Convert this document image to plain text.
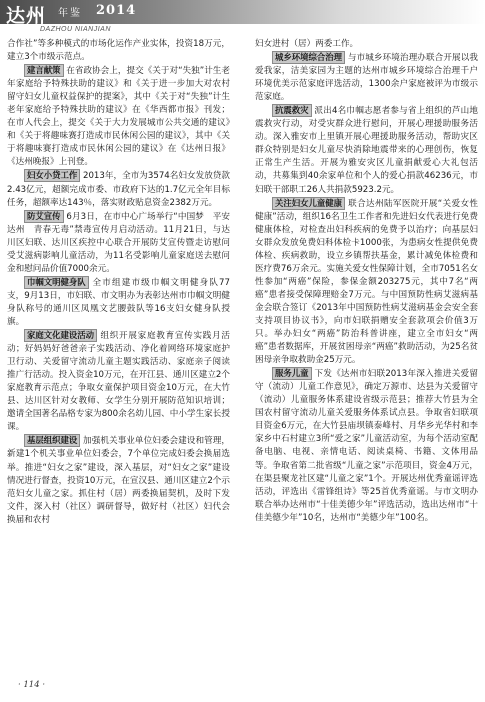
达州 年鉴 2014
DAZHOU NIANJIAN

合作社”等多种模式的市场化运作产业实体，投资18万元，建立3个市级示范点。

建言献策 在省政协会上，提交《关于对“失独”计生老年家庭给予特殊扶助的建议》和《关于进一步加大对农村留守妇女儿童权益保护的提案》，其中《关于对“失独”计生老年家庭给予特殊扶助的建议》在《华西都市报》刊发；在市人代会上，提交《关于大力发展城市公共交通的建议》和《关于将趣味赛打造成市民休闲公园的建议》，其中《关于将趣味赛打造成市民休闲公园的建议》在《达州日报》《达州晚报》上刊登。

妇女小贷工作 2013年，全市为3574名妇女发放贷款2.43亿元，超额完成市委、市政府下达的1.7亿元全年目标任务，超额率达143％，落实财政贴息资金2382万元。

防艾宣传 6月3日，在市中心广场举行“中国梦　平安达州　青春无毒”禁毒宣传月启动活动。11月21日，与达川区妇联、达川区疾控中心联合开展防艾宣传暨走访慰问受艾滋病影响儿童活动，为11名受影响儿童家庭送去慰问金和慰问品价值7000余元。

巾帼文明健身队 全市组建市级巾帼文明健身队77支，9月13日，市妇联、市文明办为表彰达州市巾帼文明健身队称号的通川区凤凰文艺腰鼓队等16支妇女健身队授旗。

家庭文化建设活动 组织开展家庭教育宣传实践月活动；好妈妈好爸爸亲子实践活动、净化着网络环境家庭护卫行动、关爱留守流动儿童主题实践活动、家庭亲子阅读推广行活动。投入资金10万元，在开江县、通川区建立2个家庭教育示范点；争取女童保护项目资金10万元，在大竹县、达川区针对女教师、女学生分别开展防范知识培训；邀请全国著名品格专家为800余名幼儿园、中小学生家长授课。

基层组织建设 加强机关事业单位妇委会建设和管理，新建1个机关事业单位妇委会，7个单位完成妇委会换届选举。推进“妇女之家”建设，深入基层，对“妇女之家”建设情况进行督查，投资10万元，在宣汉县、通川区建立2个示范妇女儿童之家。抓住村（居）两委换届契机，及时下发文件，深入村（社区）调研督导，做好村（社区）妇代会换届和农村

妇女进村（居）两委工作。

城乡环境综合治理 与市城乡环境治理办联合开展以我爱我家，洁美家园为主题的达州市城乡环境综合治理千户环境优美示范家庭评选活动，1300余户家庭被评为市级示范家庭。

抗震救灾 派出4名巾帼志愿者参与省上组织的芦山地震救灾行动，对受灾群众进行慰问，开展心理援助服务活动。深入雅安市上里镇开展心理援助服务活动，帮助灾区群众特别是妇女儿童尽快消除地震带来的心理创伤，恢复正常生产生活。开展为雅安灾区儿童捐献爱心大礼包活动，共募集到40余家单位和个人的爱心捐款46236元，市妇联干部职工26人共捐款5923.2元。

关注妇女儿童健康 联合达州陆军医院开展“关爱女性健康”活动，组织16名卫生工作者和先进妇女代表进行免费健康体检，对检查出妇科疾病的免费予以治疗；向基层妇女群众发放免费妇科体检卡1000张，为患病女性提供免费体检、疾病救助，设立乡镇帮扶基金，累计减免体检费和医疗费76万余元。实施关爱女性保障计划，全市7051名女性参加“两癌”保险，参保金额203275元，其中7名“两癌”患者接受保障理赔金7万元。与中国预防性病艾滋病基金会联合签订《2013年中国预防性病艾滋病基金会安全套支持项目协议书》，向市妇联捐赠安全套款项会价值3万只。举办妇女“两癌”防治科普讲座，建立全市妇女“两癌”患者数据库，开展贫困母亲“两癌”救助活动，为25名贫困母亲争取救助金25万元。

服务儿童 下发《达州市妇联2013年深入推进关爱留守（流动）儿童工作意见》，确定万源市、达县为关爱留守（流动）儿童服务体系建设省级示范县；推荐大竹县为全国农村留守流动儿童关爱服务体系试点县。争取省妇联项目资金6万元，在大竹县庙坝镇泰峰村、月华乡光华村和李家乡中石村建立3所“爱之家”儿童活动室，为每个活动室配备电脑、电视、亲情电话、阅读桌椅、书籍、文体用品等。争取省第二批省级“儿童之家”示范项目，资金4万元，在渠县聚龙社区建“儿童之家”1个。开展达州优秀童谣评选活动，评选出《雷锋组诗》等25首优秀童谣。与市文明办联合举办达州市“十佳美德少年”评选活动，选出达州市“十佳美德少年”10名，达州市“美德少年”100名。

· 114 ·
